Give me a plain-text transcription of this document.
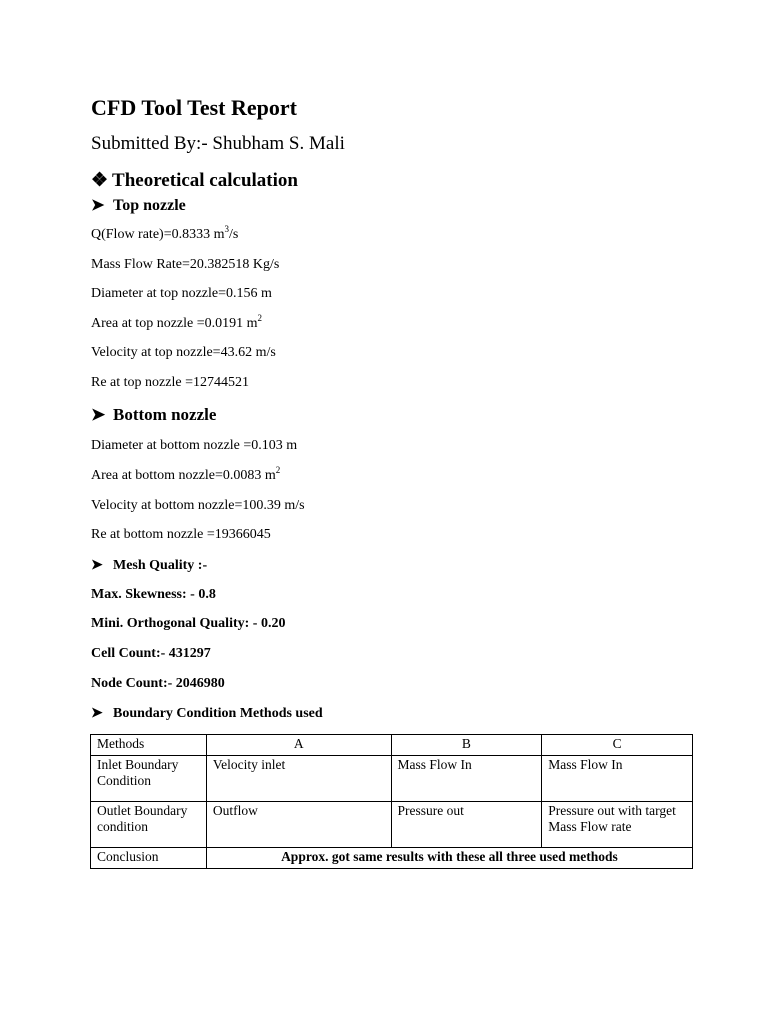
CFD Tool Test Report
Submitted By:- Shubham S. Mali
❖ Theoretical calculation
➤ Top nozzle
Q(Flow rate)=0.8333 $m^3/s$
Mass Flow Rate=20.382518 Kg/s
Diameter at top nozzle=0.156 m
Area at top nozzle =0.0191 $m^2$
Velocity at top nozzle=43.62 m/s
Re at top nozzle =12744521
➤ Bottom nozzle
Diameter at bottom nozzle =0.103 m
Area at bottom nozzle=0.0083 $m^2$
Velocity at bottom nozzle=100.39 m/s
Re at bottom nozzle =19366045
➤ Mesh Quality :-
Max. Skewness: - 0.8
Mini. Orthogonal Quality: - 0.20
Cell Count:- 431297
Node Count:- 2046980
➤ Boundary Condition Methods used
Methods	A	B	C
Inlet Boundary Condition	Velocity inlet	Mass Flow In	Mass Flow In
Outlet Boundary condition	Outflow	Pressure out	Pressure out with target Mass Flow rate
Conclusion	Approx. got same results with these all three used methods		
